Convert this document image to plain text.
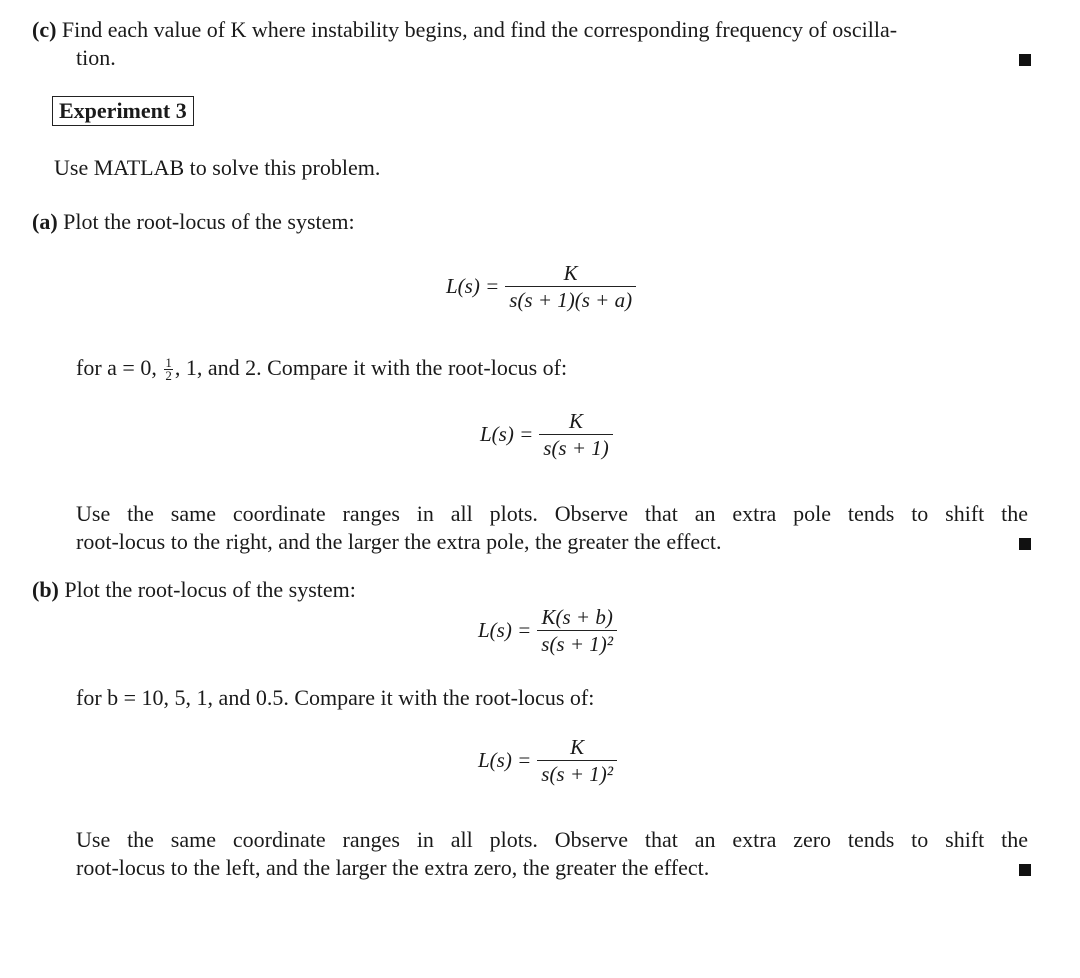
(c) Find each value of K where instability begins, and find the corresponding frequency of oscilla-
tion.
Experiment 3
Use MATLAB to solve this problem.
(a) Plot the root-locus of the system:
$L(s) = \frac{K}{s(s + 1)(s + a)}$
for a = 0, $\frac{1}{2}$ , 1, and 2. Compare it with the root-locus of:
$L(s) = \frac{K}{s(s + 1)}$
Use the same coordinate ranges in all plots. Observe that an extra pole tends to shift the
root-locus to the right, and the larger the extra pole, the greater the effect.
(b) Plot the root-locus of the system:
$L(s) = \frac{K(s + b)}{\text{s(s + 1)²}}$
for b = 10, 5, 1, and 0.5. Compare it with the root-locus of:
$L(s) = \frac{K}{\text{s(s + 1)²}}$
Use the same coordinate ranges in all plots. Observe that an extra zero tends to shift the
root-locus to the left, and the larger the extra zero, the greater the effect.
